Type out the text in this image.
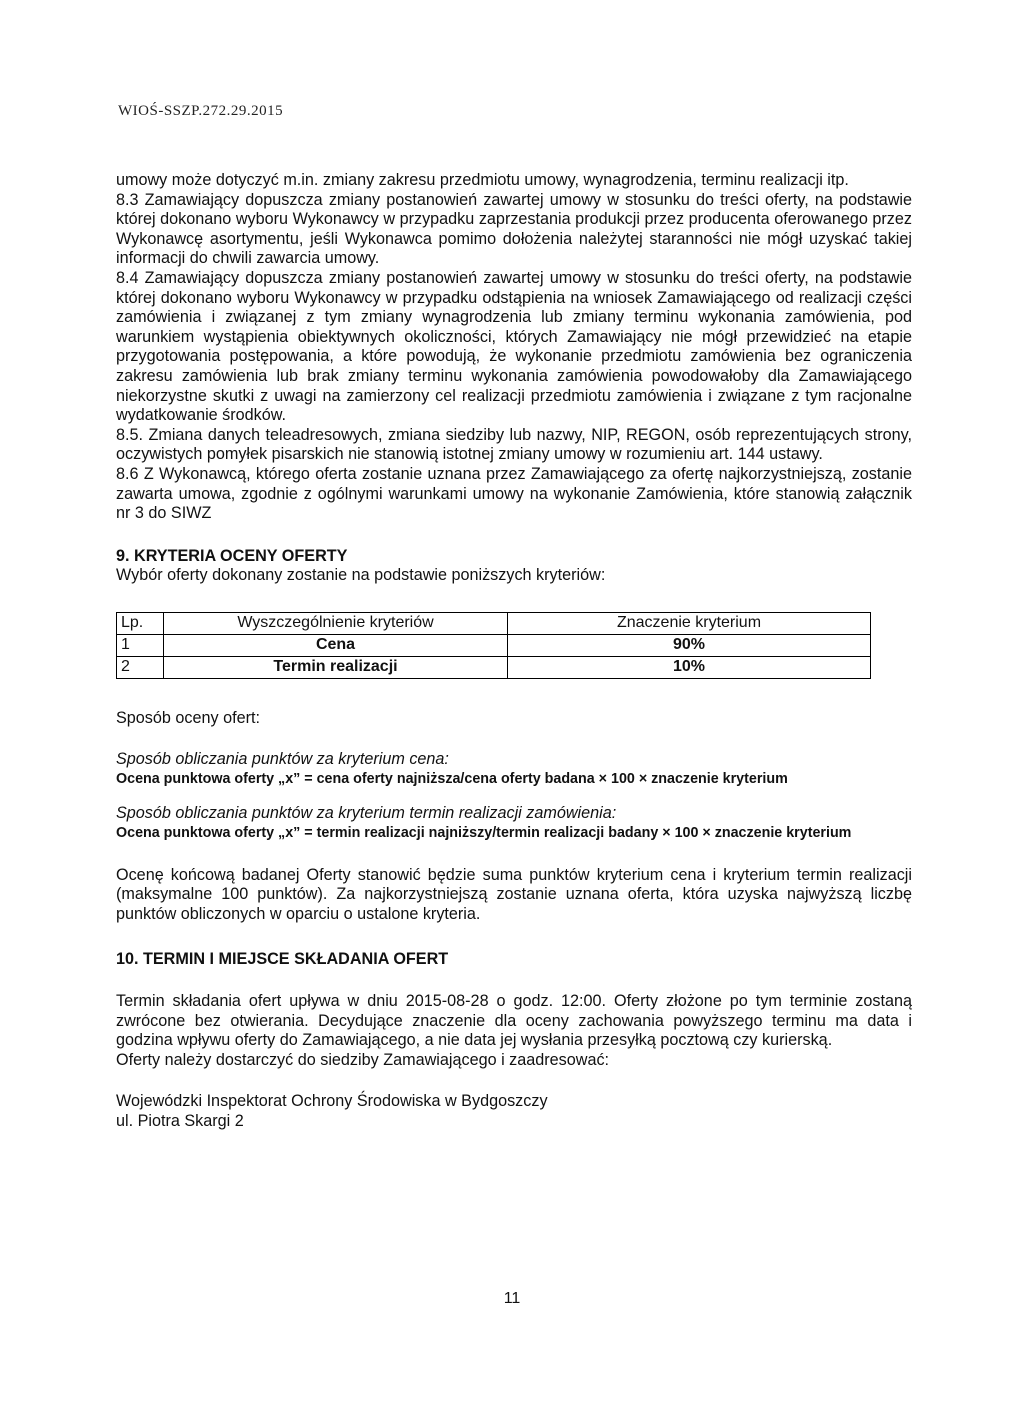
WIOŚ-SSZP.272.29.2015

umowy może dotyczyć m.in. zmiany zakresu przedmiotu umowy, wynagrodzenia, terminu realizacji itp.

8.3 Zamawiający dopuszcza zmiany postanowień zawartej umowy w stosunku do treści oferty, na podstawie której dokonano wyboru Wykonawcy w przypadku zaprzestania produkcji przez producenta oferowanego przez Wykonawcę asortymentu, jeśli Wykonawca pomimo dołożenia należytej staranności nie mógł uzyskać takiej informacji do chwili zawarcia umowy.

8.4 Zamawiający dopuszcza zmiany postanowień zawartej umowy w stosunku do treści oferty, na podstawie której dokonano wyboru Wykonawcy w przypadku odstąpienia na wniosek Zamawiającego od realizacji części zamówienia i związanej z tym zmiany wynagrodzenia lub zmiany terminu wykonania zamówienia, pod warunkiem wystąpienia obiektywnych okoliczności, których Zamawiający nie mógł przewidzieć na etapie przygotowania postępowania, a które powodują, że wykonanie przedmiotu zamówienia bez ograniczenia zakresu zamówienia lub brak zmiany terminu wykonania zamówienia powodowałoby dla Zamawiającego niekorzystne skutki z uwagi na zamierzony cel realizacji przedmiotu zamówienia i związane z tym racjonalne wydatkowanie środków.

8.5. Zmiana danych teleadresowych, zmiana siedziby lub nazwy, NIP, REGON, osób reprezentujących strony, oczywistych pomyłek pisarskich nie stanowią istotnej zmiany umowy w rozumieniu art. 144 ustawy.

8.6 Z Wykonawcą, którego oferta zostanie uznana przez Zamawiającego za ofertę najkorzystniejszą, zostanie zawarta umowa, zgodnie z ogólnymi warunkami umowy na wykonanie Zamówienia, które stanowią załącznik nr 3 do SIWZ

9. KRYTERIA OCENY OFERTY

Wybór oferty dokonany zostanie na podstawie poniższych kryteriów:

Lp.	Wyszczególnienie kryteriów	Znaczenie kryterium
1	Cena	90%
2	Termin realizacji	10%

Sposób oceny ofert:

Sposób obliczania punktów za kryterium cena:

Ocena punktowa oferty „x” = cena oferty najniższa/cena oferty badana × 100 × znaczenie kryterium

Sposób obliczania punktów za kryterium termin realizacji zamówienia:

Ocena punktowa oferty „x” = termin realizacji najniższy/termin realizacji badany × 100 × znaczenie kryterium

Ocenę końcową badanej Oferty stanowić będzie suma punktów kryterium cena i kryterium termin realizacji (maksymalne 100 punktów). Za najkorzystniejszą zostanie uznana oferta, która uzyska najwyższą liczbę punktów obliczonych w oparciu o ustalone kryteria.

10. TERMIN I MIEJSCE SKŁADANIA OFERT

Termin składania ofert upływa w dniu 2015-08-28 o godz. 12:00. Oferty złożone po tym terminie zostaną zwrócone bez otwierania. Decydujące znaczenie dla oceny zachowania powyższego terminu ma data i godzina wpływu oferty do Zamawiającego, a nie data jej wysłania przesyłką pocztową czy kurierską.

Oferty należy dostarczyć do siedziby Zamawiającego i zaadresować:

Wojewódzki Inspektorat Ochrony Środowiska w Bydgoszczy

ul. Piotra Skargi 2

11
